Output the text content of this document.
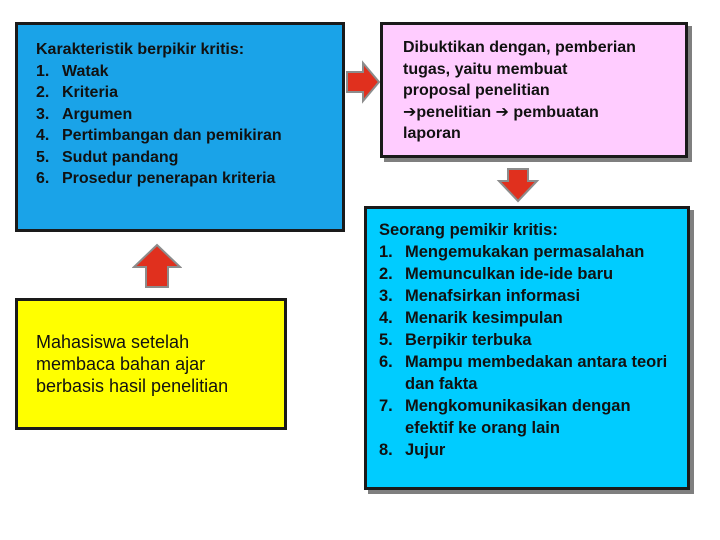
Karakteristik berpikir kritis:
1. Watak
2. Kriteria
3. Argumen
4. Pertimbangan dan pemikiran
5. Sudut pandang
6. Prosedur penerapan kriteria
Dibuktikan dengan, pemberian
tugas, yaitu membuat
proposal penelitian
➔penelitian ➔ pembuatan
laporan
Mahasiswa setelah membaca bahan ajar berbasis hasil penelitian
Seorang pemikir kritis:
1. Mengemukakan permasalahan
2. Memunculkan ide-ide baru
3. Menafsirkan informasi
4. Menarik kesimpulan
5. Berpikir terbuka
6. Mampu membedakan antara teori dan fakta
7. Mengkomunikasikan dengan efektif ke orang lain
8. Jujur
